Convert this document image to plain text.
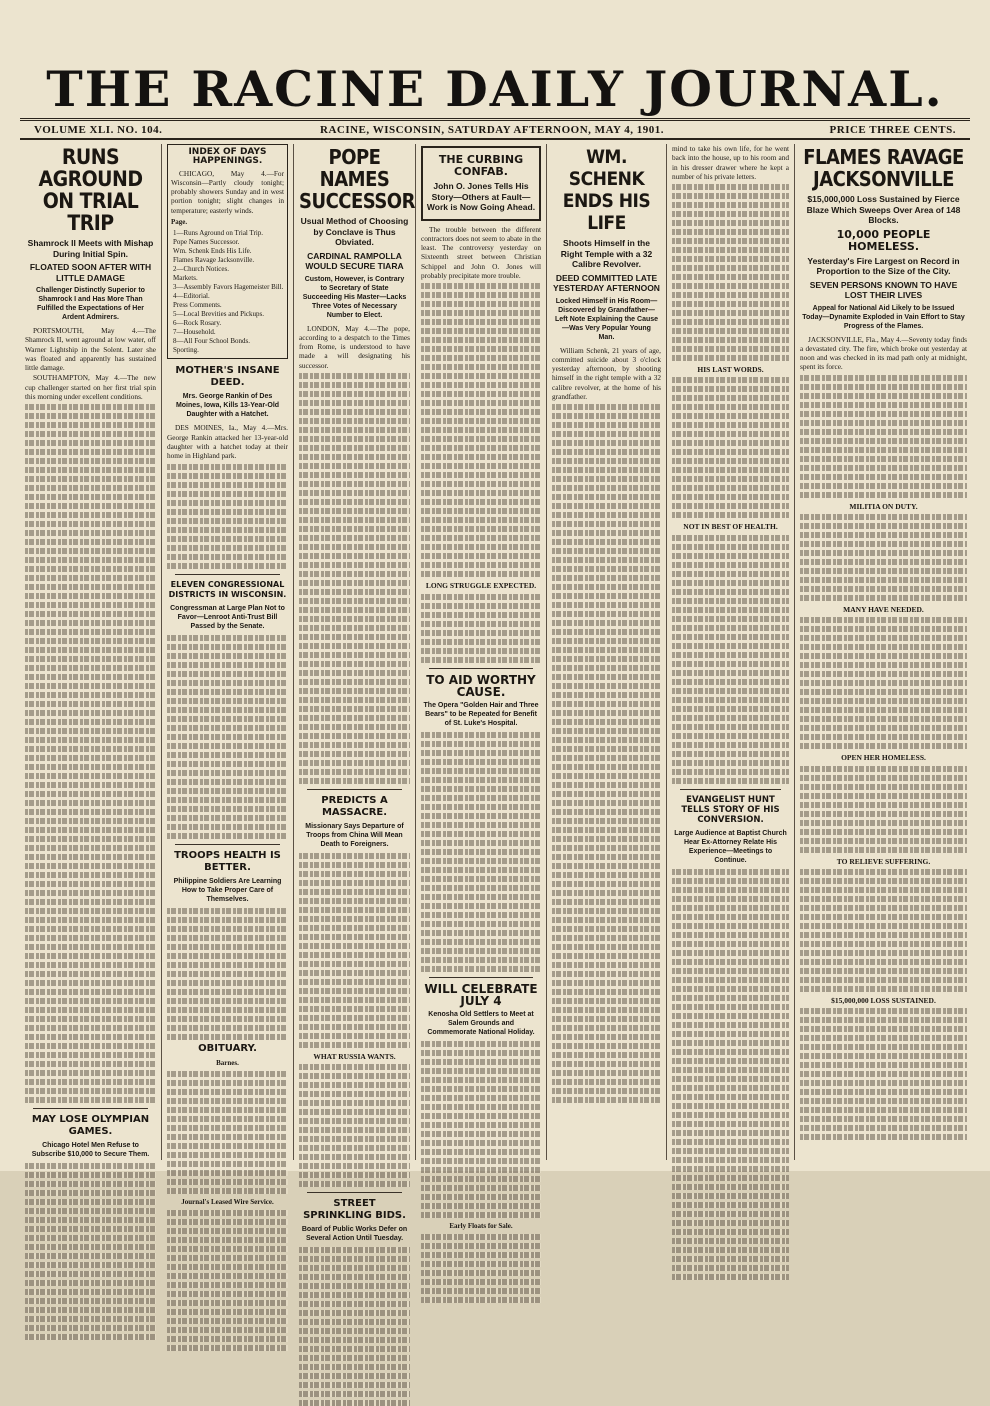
THE RACINE DAILY JOURNAL.
VOLUME XLI. NO. 104.	RACINE, WISCONSIN, SATURDAY AFTERNOON, MAY 4, 1901.	PRICE THREE CENTS.
RUNS AGROUND ON TRIAL TRIP
Shamrock II Meets with Mishap During Initial Spin.
FLOATED SOON AFTER WITH LITTLE DAMAGE
Challenger Distinctly Superior to Shamrock I and Has More Than Fulfilled the Expectations of Her Ardent Admirers.
PORTSMOUTH, May 4.—The Shamrock II, went aground at low water, off Warner Lightship in the Solent. Later she was floated and apparently has sustained little damage.
SOUTHAMPTON, May 4.—The new cup challenger started on her first trial spin this morning under excellent conditions.
MAY LOSE OLYMPIAN GAMES.
Chicago Hotel Men Refuse to Subscribe $10,000 to Secure Them.
INDEX OF DAYS HAPPENINGS.
CHICAGO, May 4.—For Wisconsin—Partly cloudy tonight; probably showers Sunday and in west portion tonight; slight changes in temperature; easterly winds.
Page.
1—Runs Aground on Trial Trip.
Pope Names Successor.
Wm. Schenk Ends His Life.
Flames Ravage Jacksonville.
2—Church Notices.
Markets.
3—Assembly Favors Hagemeister Bill.
4—Editorial.
Press Comments.
5—Local Brevities and Pickups.
6—Rock Rosary.
7—Household.
8—All Four School Bonds.
Sporting.
MOTHER'S INSANE DEED.
Mrs. George Rankin of Des Moines, Iowa, Kills 13-Year-Old Daughter with a Hatchet.
DES MOINES, Ia., May 4.—Mrs. George Rankin attacked her 13-year-old daughter with a hatchet today at their home in Highland park.
ELEVEN CONGRESSIONAL DISTRICTS IN WISCONSIN.
Congressman at Large Plan Not to Favor—Lenroot Anti-Trust Bill Passed by the Senate.
TROOPS HEALTH IS BETTER.
Philippine Soldiers Are Learning How to Take Proper Care of Themselves.
OBITUARY.
Barnes.
Journal's Leased Wire Service.
POPE NAMES SUCCESSOR
Usual Method of Choosing by Conclave is Thus Obviated.
CARDINAL RAMPOLLA WOULD SECURE TIARA
Custom, However, is Contrary to Secretary of State Succeeding His Master—Lacks Three Votes of Necessary Number to Elect.
LONDON, May 4.—The pope, according to a despatch to the Times from Rome, is understood to have made a will designating his successor.
PREDICTS A MASSACRE.
Missionary Says Departure of Troops from China Will Mean Death to Foreigners.
WHAT RUSSIA WANTS.
STREET SPRINKLING BIDS.
Board of Public Works Defer on Several Action Until Tuesday.
THE CURBING CONFAB.
John O. Jones Tells His Story—Others at Fault—Work is Now Going Ahead.
The trouble between the different contractors does not seem to abate in the least. The controversy yesterday on Sixteenth street between Christian Schippel and John O. Jones will probably precipitate more trouble.
LONG STRUGGLE EXPECTED.
TO AID WORTHY CAUSE.
The Opera "Golden Hair and Three Bears" to be Repeated for Benefit of St. Luke's Hospital.
WILL CELEBRATE JULY 4
Kenosha Old Settlers to Meet at Salem Grounds and Commemorate National Holiday.
Early Floats for Sale.
WM. SCHENK ENDS HIS LIFE
Shoots Himself in the Right Temple with a 32 Calibre Revolver.
DEED COMMITTED LATE YESTERDAY AFTERNOON
Locked Himself in His Room—Discovered by Grandfather—Left Note Explaining the Cause—Was Very Popular Young Man.
William Schenk, 21 years of age, committed suicide about 3 o'clock yesterday afternoon, by shooting himself in the right temple with a 32 calibre revolver, at the home of his grandfather.
mind to take his own life, for he went back into the house, up to his room and in his dresser drawer where he kept a number of his private letters.
HIS LAST WORDS.
NOT IN BEST OF HEALTH.
EVANGELIST HUNT TELLS STORY OF HIS CONVERSION.
Large Audience at Baptist Church Hear Ex-Attorney Relate His Experience—Meetings to Continue.
FLAMES RAVAGE JACKSONVILLE
$15,000,000 Loss Sustained by Fierce Blaze Which Sweeps Over Area of 148 Blocks.
10,000 PEOPLE HOMELESS.
Yesterday's Fire Largest on Record in Proportion to the Size of the City.
SEVEN PERSONS KNOWN TO HAVE LOST THEIR LIVES
Appeal for National Aid Likely to be Issued Today—Dynamite Exploded in Vain Effort to Stay Progress of the Flames.
JACKSONVILLE, Fla., May 4.—Seventy today finds a devastated city. The fire, which broke out yesterday at noon and was checked in its mad path only at midnight, spent its force.
MILITIA ON DUTY.
MANY HAVE NEEDED.
OPEN HER HOMELESS.
TO RELIEVE SUFFERING.
$15,000,000 LOSS SUSTAINED.
